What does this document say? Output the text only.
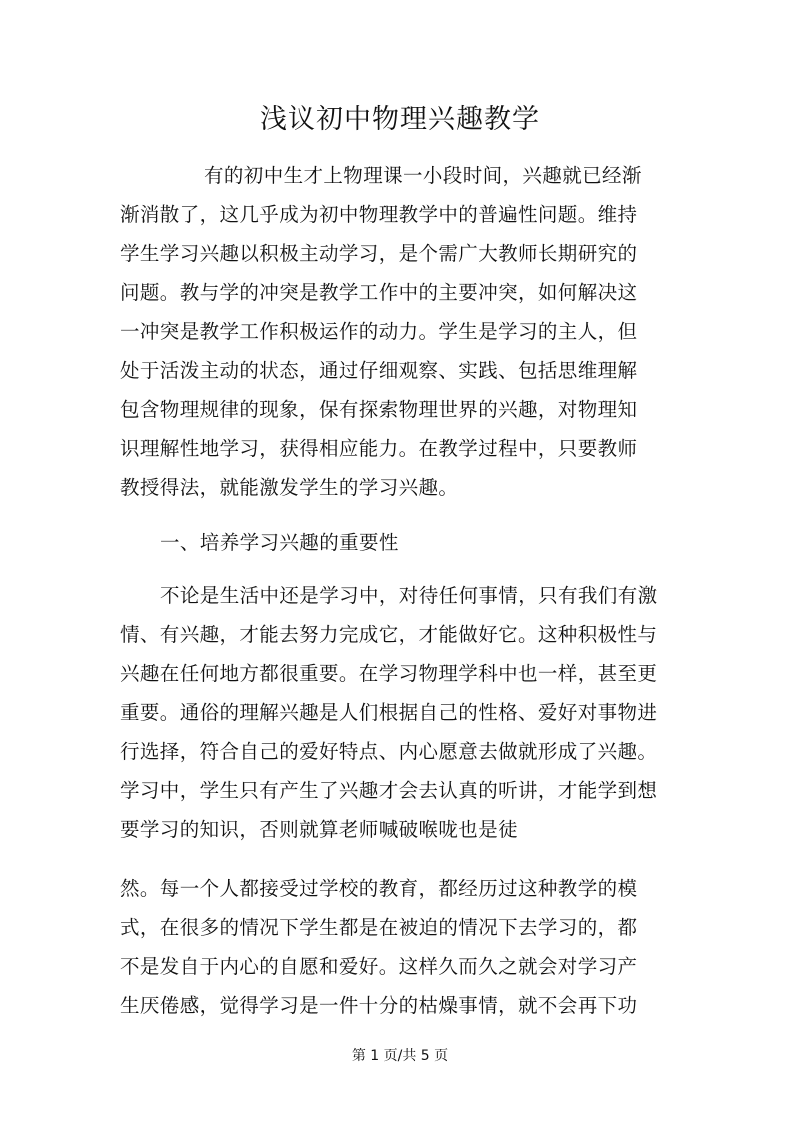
浅议初中物理兴趣教学
有的初中生才上物理课一小段时间，兴趣就已经渐
渐消散了，这几乎成为初中物理教学中的普遍性问题。维持
学生学习兴趣以积极主动学习，是个需广大教师长期研究的
问题。教与学的冲突是教学工作中的主要冲突，如何解决这
一冲突是教学工作积极运作的动力。学生是学习的主人，但
处于活泼主动的状态，通过仔细观察、实践、包括思维理解
包含物理规律的现象，保有探索物理世界的兴趣，对物理知
识理解性地学习，获得相应能力。在教学过程中，只要教师
教授得法，就能激发学生的学习兴趣。
一、培养学习兴趣的重要性
不论是生活中还是学习中，对待任何事情，只有我们有激
情、有兴趣，才能去努力完成它，才能做好它。这种积极性与
兴趣在任何地方都很重要。在学习物理学科中也一样，甚至更
重要。通俗的理解兴趣是人们根据自己的性格、爱好对事物进
行选择，符合自己的爱好特点、内心愿意去做就形成了兴趣。
学习中，学生只有产生了兴趣才会去认真的听讲，才能学到想
要学习的知识，否则就算老师喊破喉咙也是徒
然。每一个人都接受过学校的教育，都经历过这种教学的模
式，在很多的情况下学生都是在被迫的情况下去学习的，都
不是发自于内心的自愿和爱好。这样久而久之就会对学习产
生厌倦感，觉得学习是一件十分的枯燥事情，就不会再下功
第 1 页/共 5 页
